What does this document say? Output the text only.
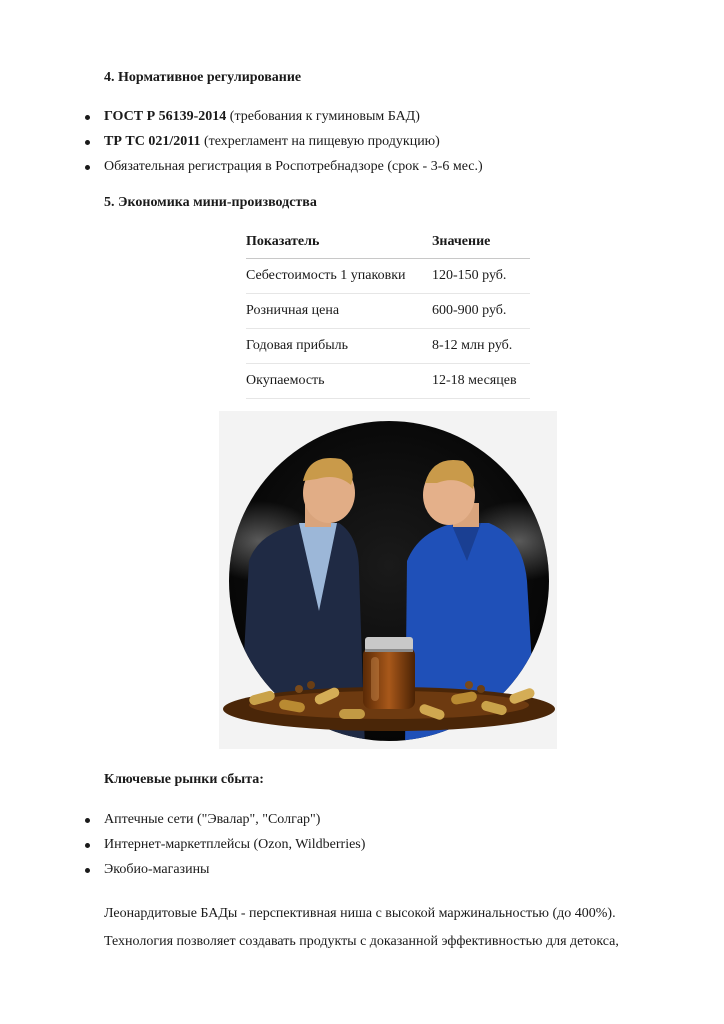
4. Нормативное регулирование
ГОСТ Р 56139-2014 (требования к гуминовым БАД)
ТР ТС 021/2011 (техрегламент на пищевую продукцию)
Обязательная регистрация в Роспотребнадзоре (срок - 3-6 мес.)
5. Экономика мини-производства
Показатель	Значение
Себестоимость 1 упаковки	120-150 руб.
Розничная цена	600-900 руб.
Годовая прибыль	8-12 млн руб.
Окупаемость	12-18 месяцев
Ключевые рынки сбыта:
Аптечные сети ("Эвалар", "Солгар")
Интернет-маркетплейсы (Ozon, Wildberries)
Экобио-магазины
Леонардитовые БАДы - перспективная ниша с высокой маржинальностью (до 400%).
Технология позволяет создавать продукты с доказанной эффективностью для детокса,
